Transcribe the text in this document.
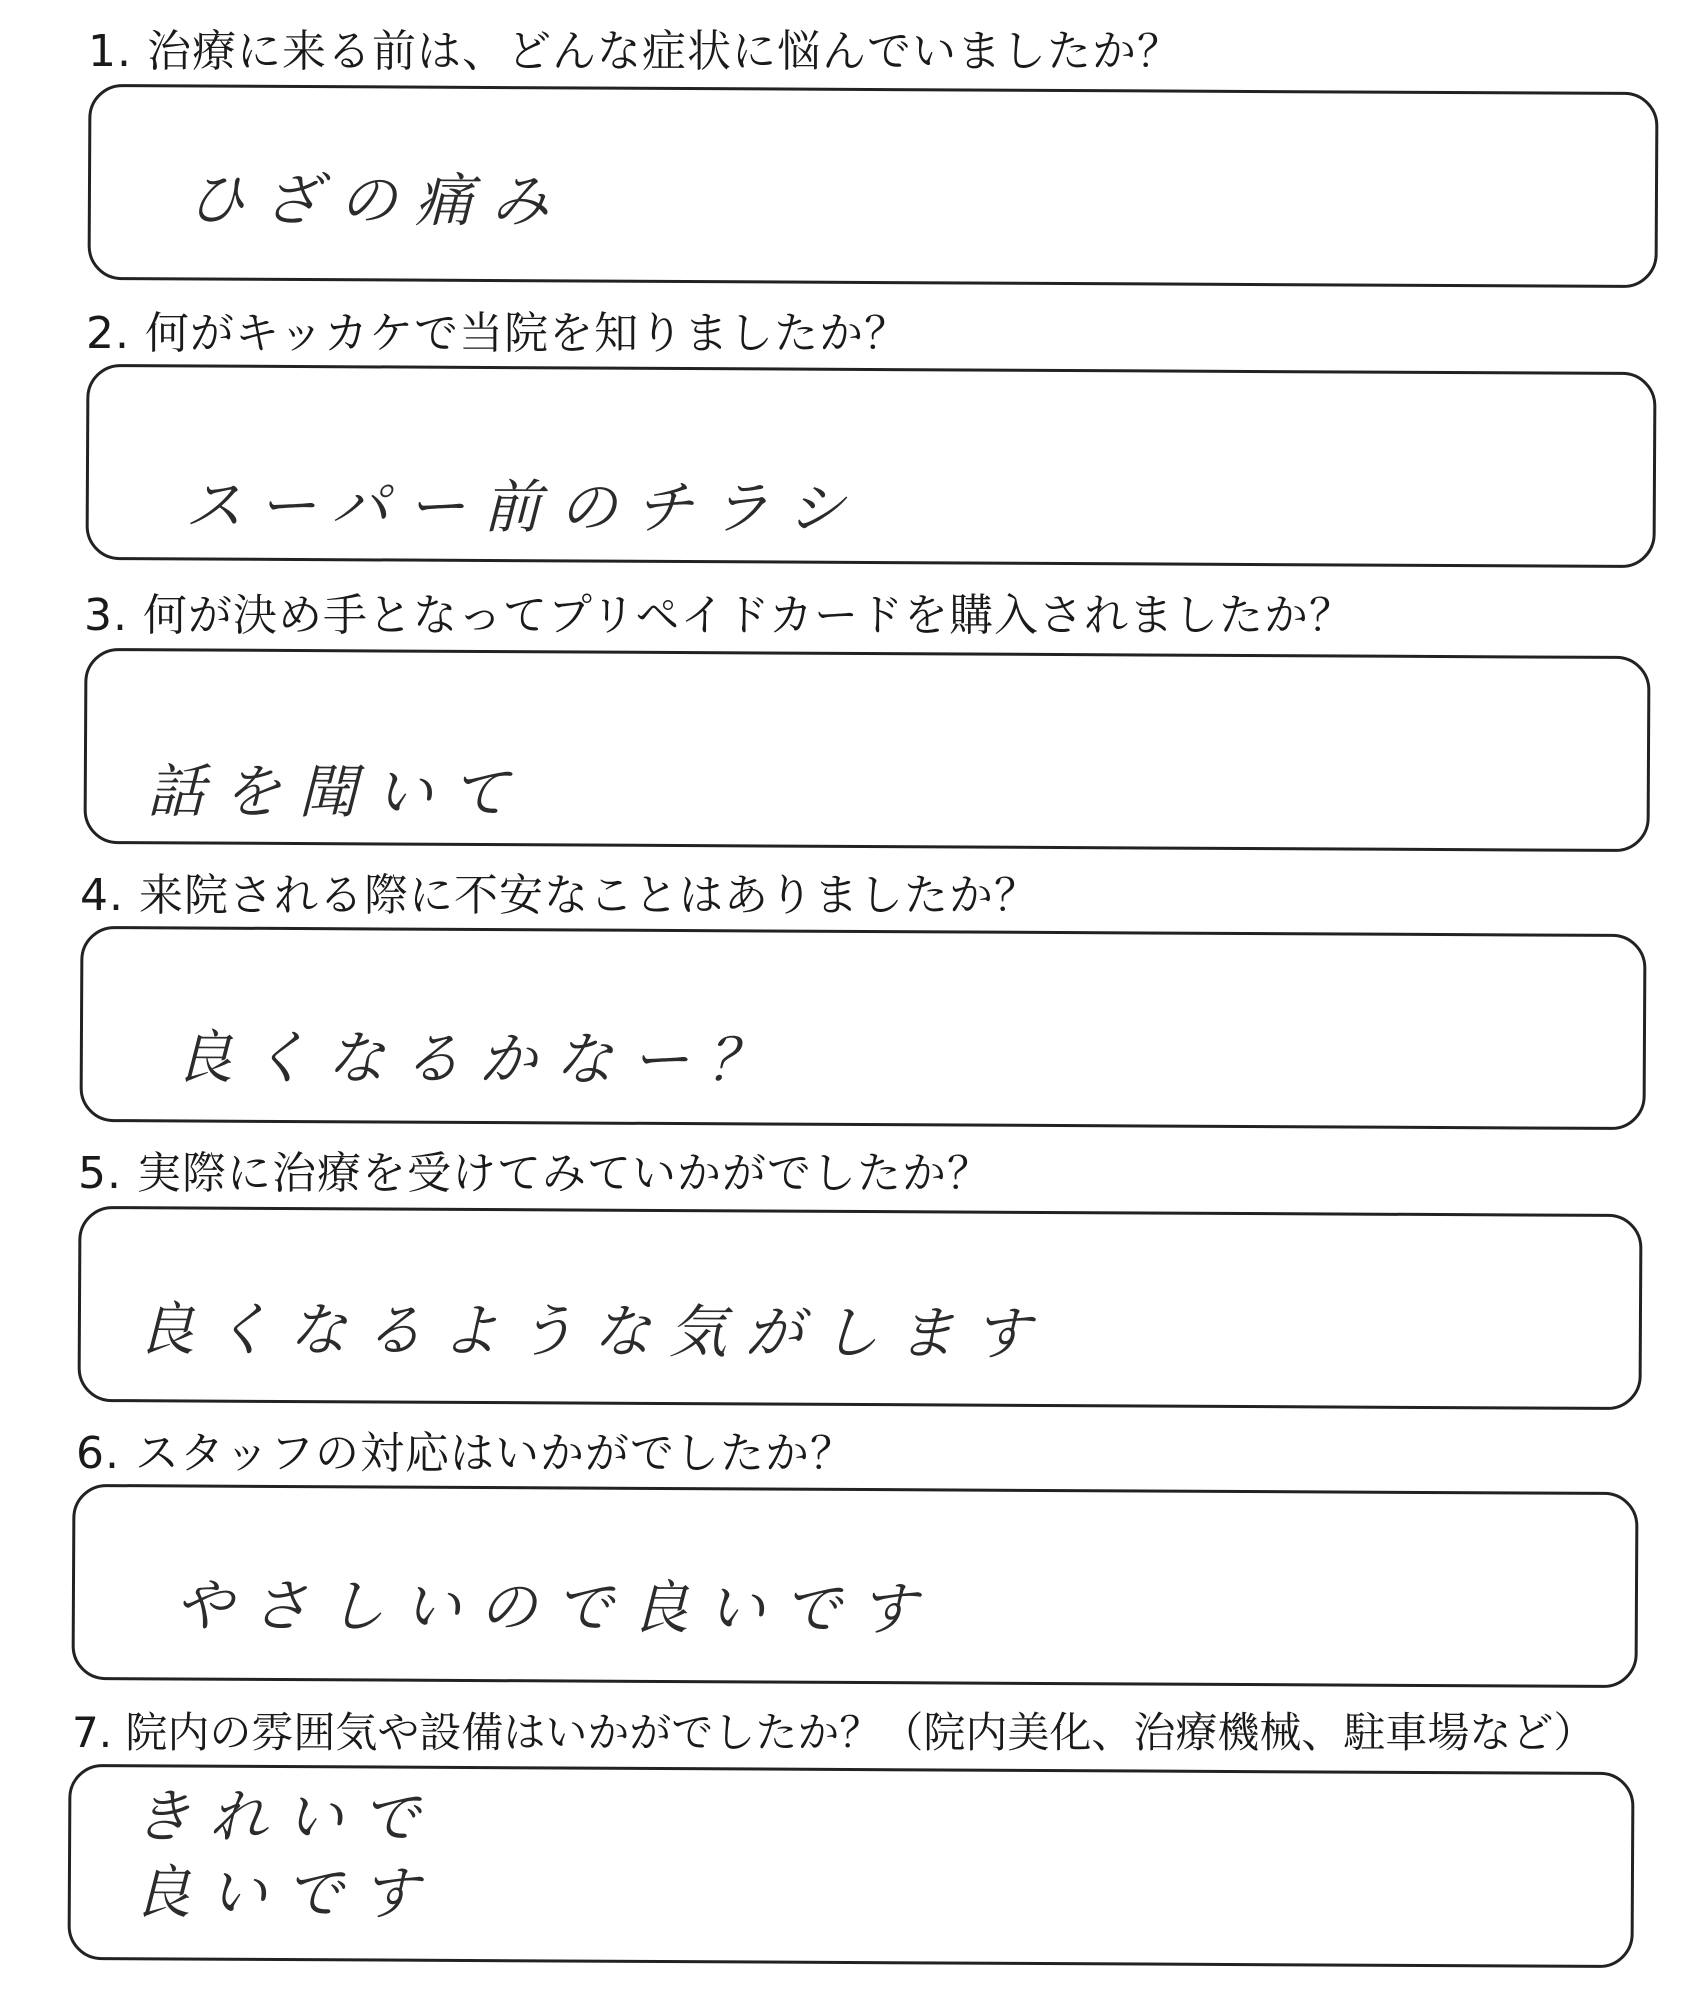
1. 治療に来る前は、どんな症状に悩んでいましたか？
ひざの痛み
2. 何がキッカケで当院を知りましたか？
スーパー前のチラシ
3. 何が決め手となってプリペイドカードを購入されましたか？
話を聞いて
4. 来院される際に不安なことはありましたか？
良くなるかなー？
5. 実際に治療を受けてみていかがでしたか？
良くなるような気がします
6. スタッフの対応はいかがでしたか？
やさしいので良いです
7. 院内の雰囲気や設備はいかがでしたか？（院内美化、治療機械、駐車場など）
きれいで
良いです
